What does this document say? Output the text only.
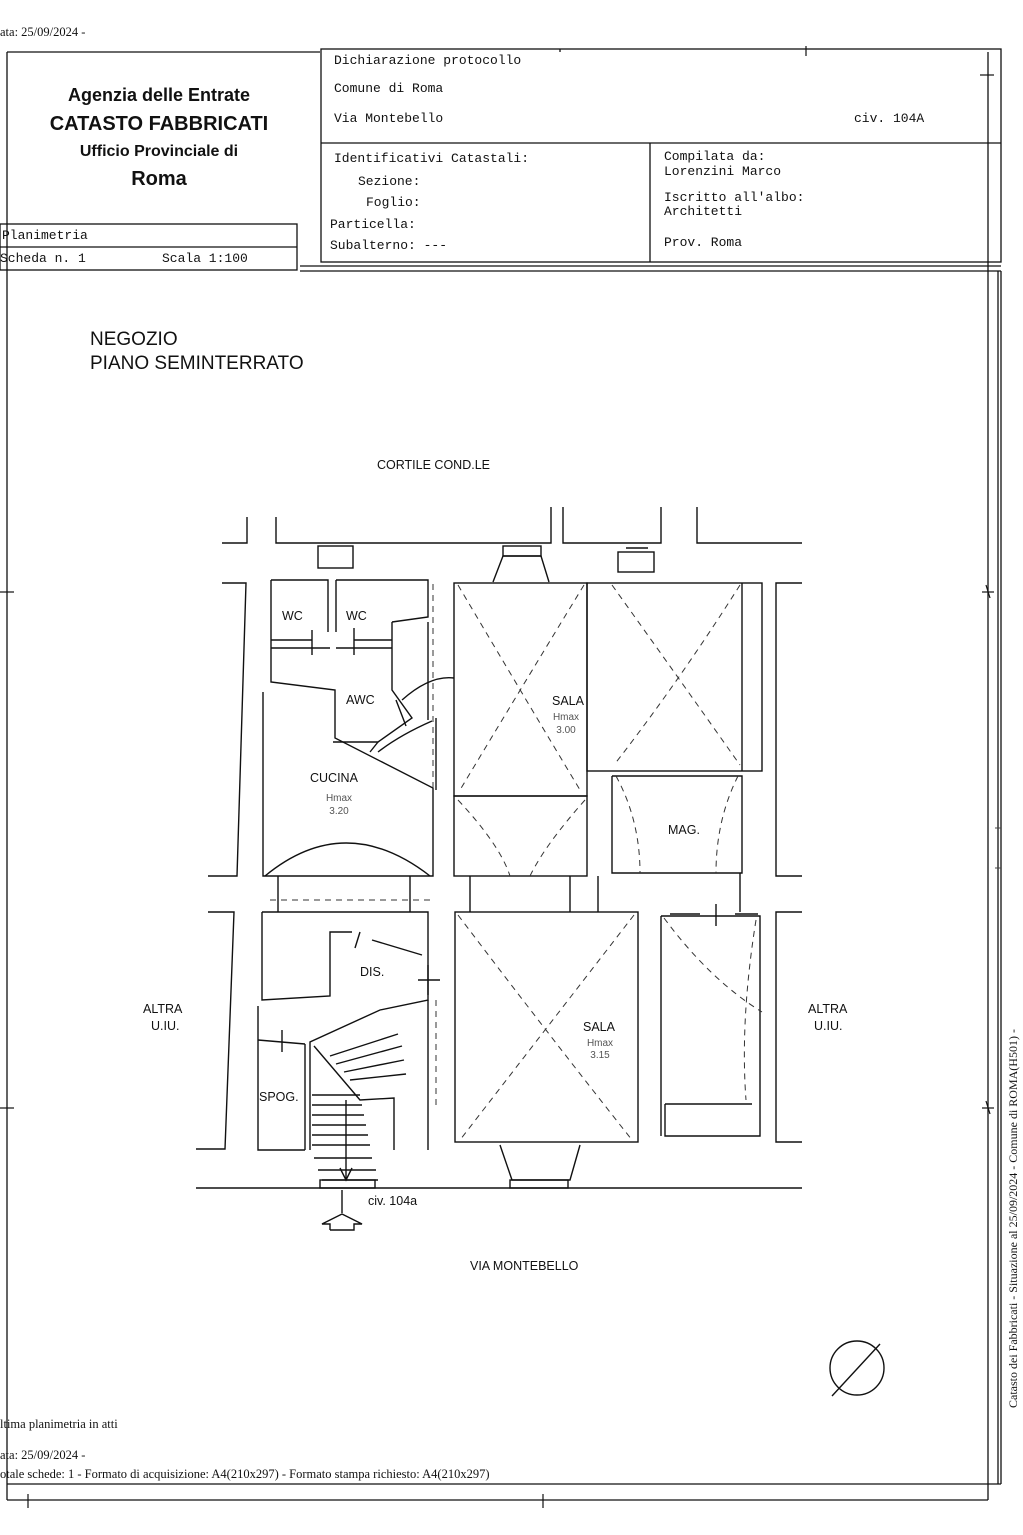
ata: 25/09/2024 -
Agenzia delle Entrate
CATASTO FABBRICATI
Ufficio Provinciale di
Roma
Dichiarazione protocollo
Comune di Roma
Via Montebello	civ. 104A
Identificativi Catastali:
Sezione:
Foglio:
Particella:
Subalterno: ---
Compilata da:
Lorenzini Marco
Iscritto all'albo:
Architetti
Prov. Roma
Planimetria
Scheda n. 1	Scala 1:100
NEGOZIO
PIANO SEMINTERRATO
CORTILE COND.LE
VIA MONTEBELLO
civ. 104a
ALTRA
U.IU.
ALTRA
U.IU.
WC	WC
AWC	SALA
Hmax
3.00
CUCINA
Hmax
3.20
MAG.
DIS.
SALA
Hmax
3.15
SPOG.
ltima planimetria in atti
ata: 25/09/2024 -
otale schede: 1 - Formato di acquisizione: A4(210x297) - Formato stampa richiesto: A4(210x297)
Catasto dei Fabbricati - Situazione al 25/09/2024 - Comune di ROMA(H501) -
